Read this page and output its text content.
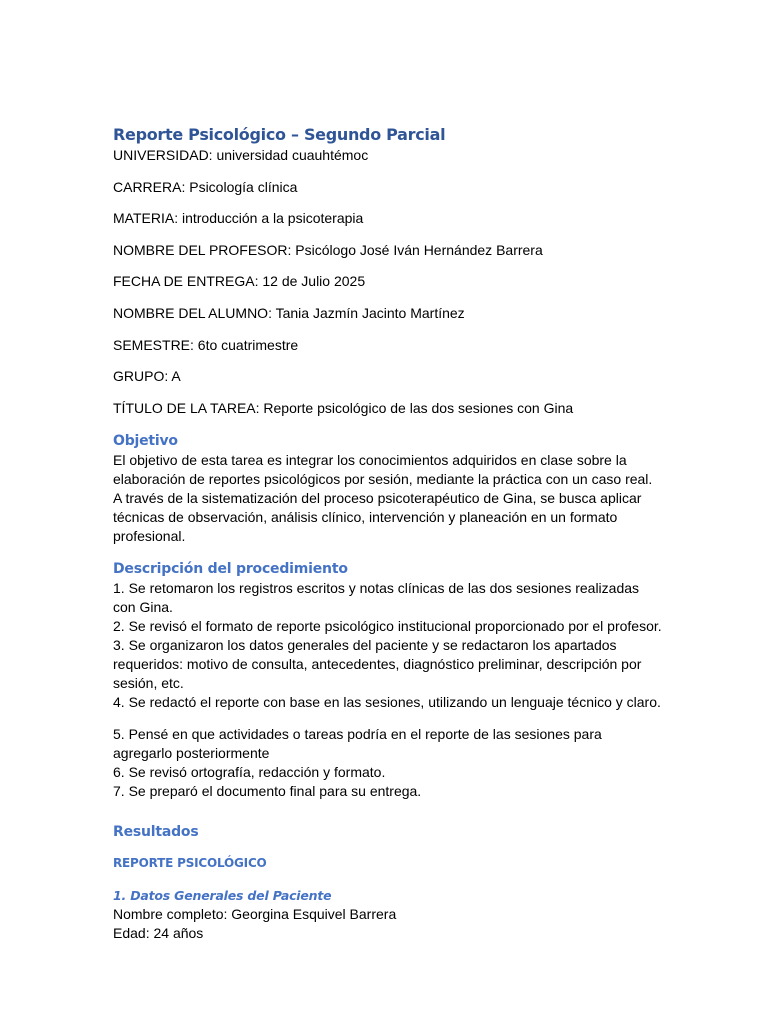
Reporte Psicológico – Segundo Parcial

UNIVERSIDAD: universidad cuauhtémoc

CARRERA: Psicología clínica

MATERIA: introducción a la psicoterapia

NOMBRE DEL PROFESOR: Psicólogo José Iván Hernández Barrera

FECHA DE ENTREGA: 12 de Julio 2025

NOMBRE DEL ALUMNO: Tania Jazmín Jacinto Martínez

SEMESTRE: 6to cuatrimestre

GRUPO: A

TÍTULO DE LA TAREA: Reporte psicológico de las dos sesiones con Gina

Objetivo

El objetivo de esta tarea es integrar los conocimientos adquiridos en clase sobre la

elaboración de reportes psicológicos por sesión, mediante la práctica con un caso real.

A través de la sistematización del proceso psicoterapéutico de Gina, se busca aplicar

técnicas de observación, análisis clínico, intervención y planeación en un formato

profesional.

Descripción del procedimiento

1. Se retomaron los registros escritos y notas clínicas de las dos sesiones realizadas

con Gina.

2. Se revisó el formato de reporte psicológico institucional proporcionado por el profesor.

3. Se organizaron los datos generales del paciente y se redactaron los apartados

requeridos: motivo de consulta, antecedentes, diagnóstico preliminar, descripción por

sesión, etc.

4. Se redactó el reporte con base en las sesiones, utilizando un lenguaje técnico y claro.

5. Pensé en que actividades o tareas podría en el reporte de las sesiones para

agregarlo posteriormente

6. Se revisó ortografía, redacción y formato.

7. Se preparó el documento final para su entrega.

Resultados
REPORTE PSICOLÓGICO
1. Datos Generales del Paciente

Nombre completo: Georgina Esquivel Barrera

Edad: 24 años
